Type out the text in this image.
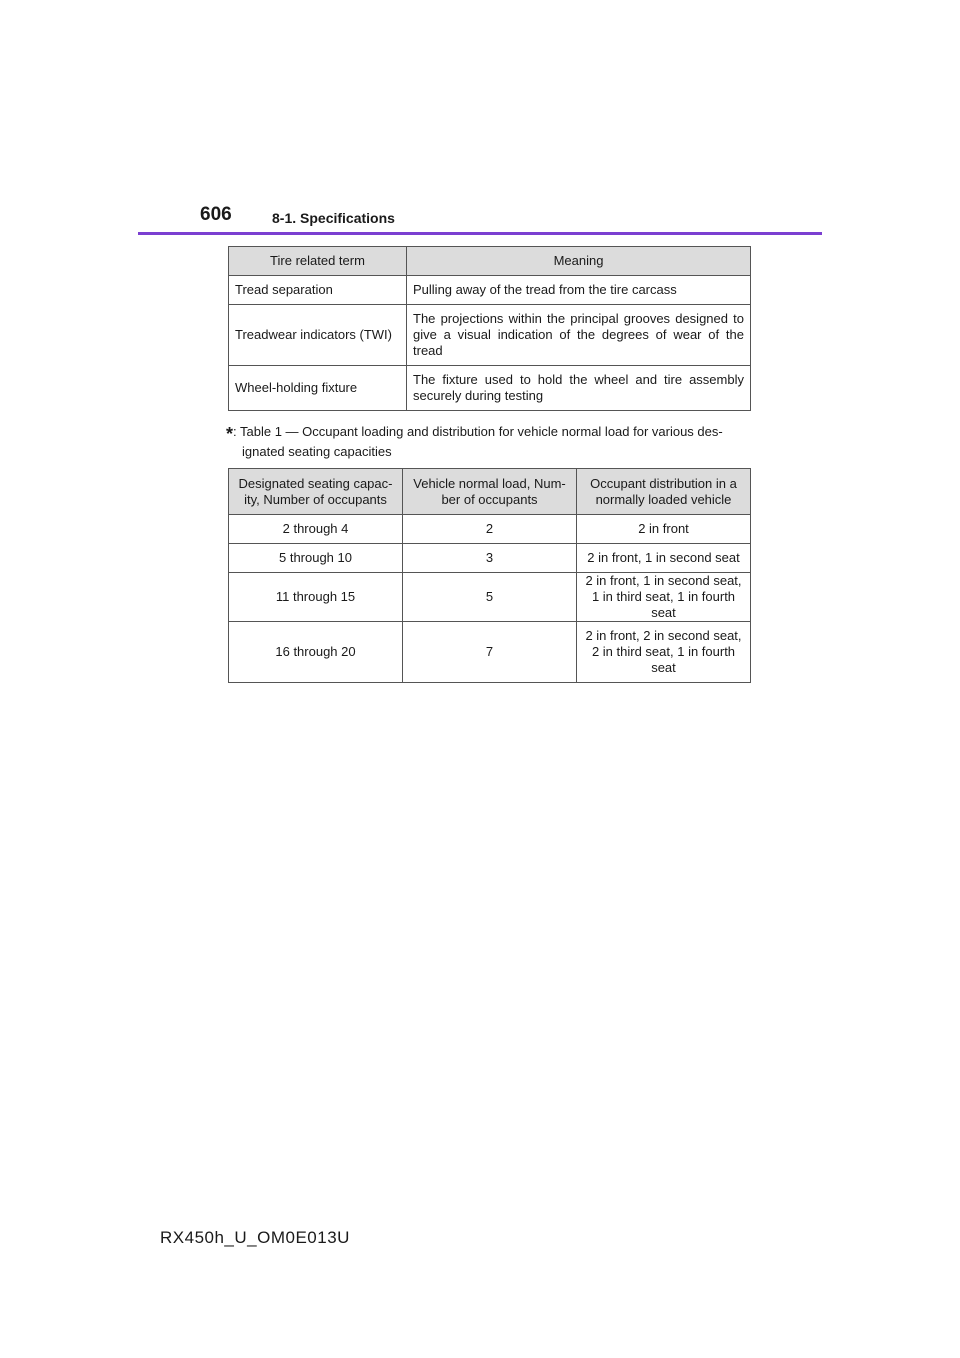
606	8-1. Specifications
Tire related term	Meaning
Tread separation	Pulling away of the tread from the tire carcass
Treadwear indicators (TWI)	The projections within the principal grooves designed to give a visual indication of the degrees of wear of the tread
Wheel-holding fixture	The fixture used to hold the wheel and tire assembly securely during testing
*: Table 1 — Occupant loading and distribution for vehicle normal load for various des-
ignated seating capacities
Designated seating capac-ity, Number of occupants	Vehicle normal load, Num-ber of occupants	Occupant distribution in a normally loaded vehicle
2 through 4	2	2 in front
5 through 10	3	2 in front, 1 in second seat
11 through 15	5	2 in front, 1 in second seat, 1 in third seat, 1 in fourth seat
16 through 20	7	2 in front, 2 in second seat, 2 in third seat, 1 in fourth seat
RX450h_U_OM0E013U
